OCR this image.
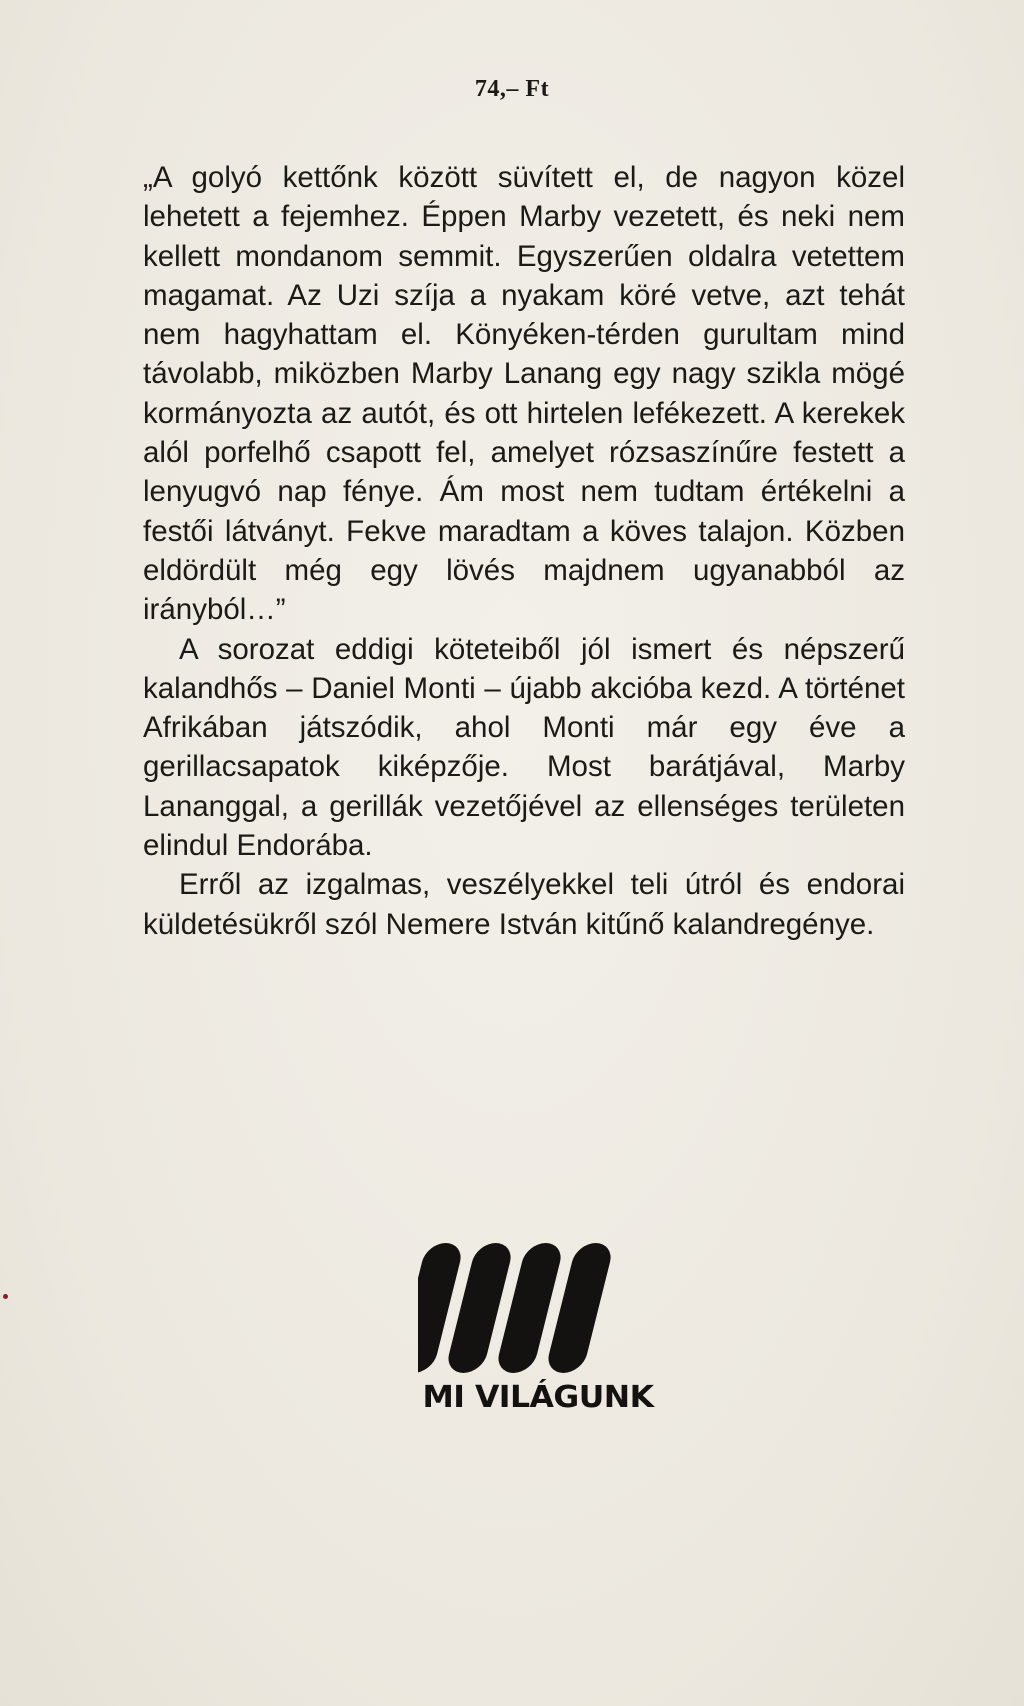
74,– Ft

„A golyó kettőnk között süvített el, de nagyon közel lehetett a fejemhez. Éppen Marby vezetett, és neki nem kellett mondanom semmit. Egyszerűen oldalra vetettem magamat. Az Uzi szíja a nyakam köré vetve, azt tehát nem hagyhattam el. Könyéken-térden gurultam mind távolabb, miközben Marby Lanang egy nagy szikla mögé kormányozta az autót, és ott hirtelen lefékezett. A kerekek alól porfelhő csapott fel, amelyet rózsaszínűre festett a lenyugvó nap fénye. Ám most nem tudtam értékelni a festői látványt. Fekve maradtam a köves talajon. Közben eldördült még egy lövés majdnem ugyanabból az irányból…”

A sorozat eddigi köteteiből jól ismert és népszerű kalandhős – Daniel Monti – újabb akcióba kezd. A történet Afrikában játszódik, ahol Monti már egy éve a gerillacsapatok kiképzője. Most barátjával, Marby Lananggal, a gerillák vezetőjével az ellenséges területen elindul Endorába.

Erről az izgalmas, veszélyekkel teli útról és endorai küldetésükről szól Nemere István kitűnő kalandregénye.

MI VILÁGUNK
